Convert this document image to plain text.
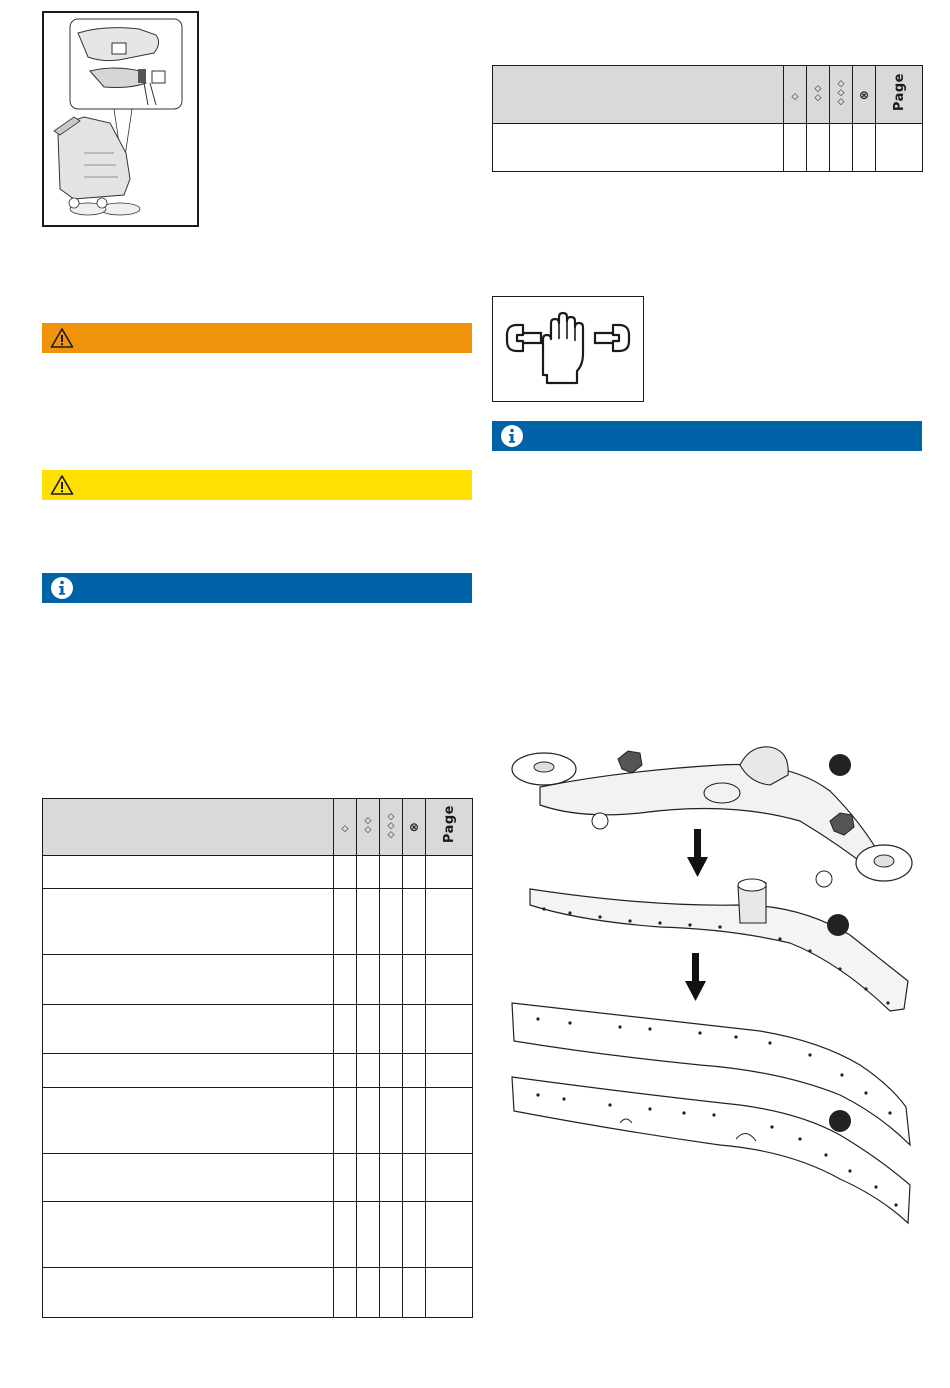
	◇	◇◇	◇◇◇	⊗	Page

	◇	◇◇	◇◇◇	⊗	Page
